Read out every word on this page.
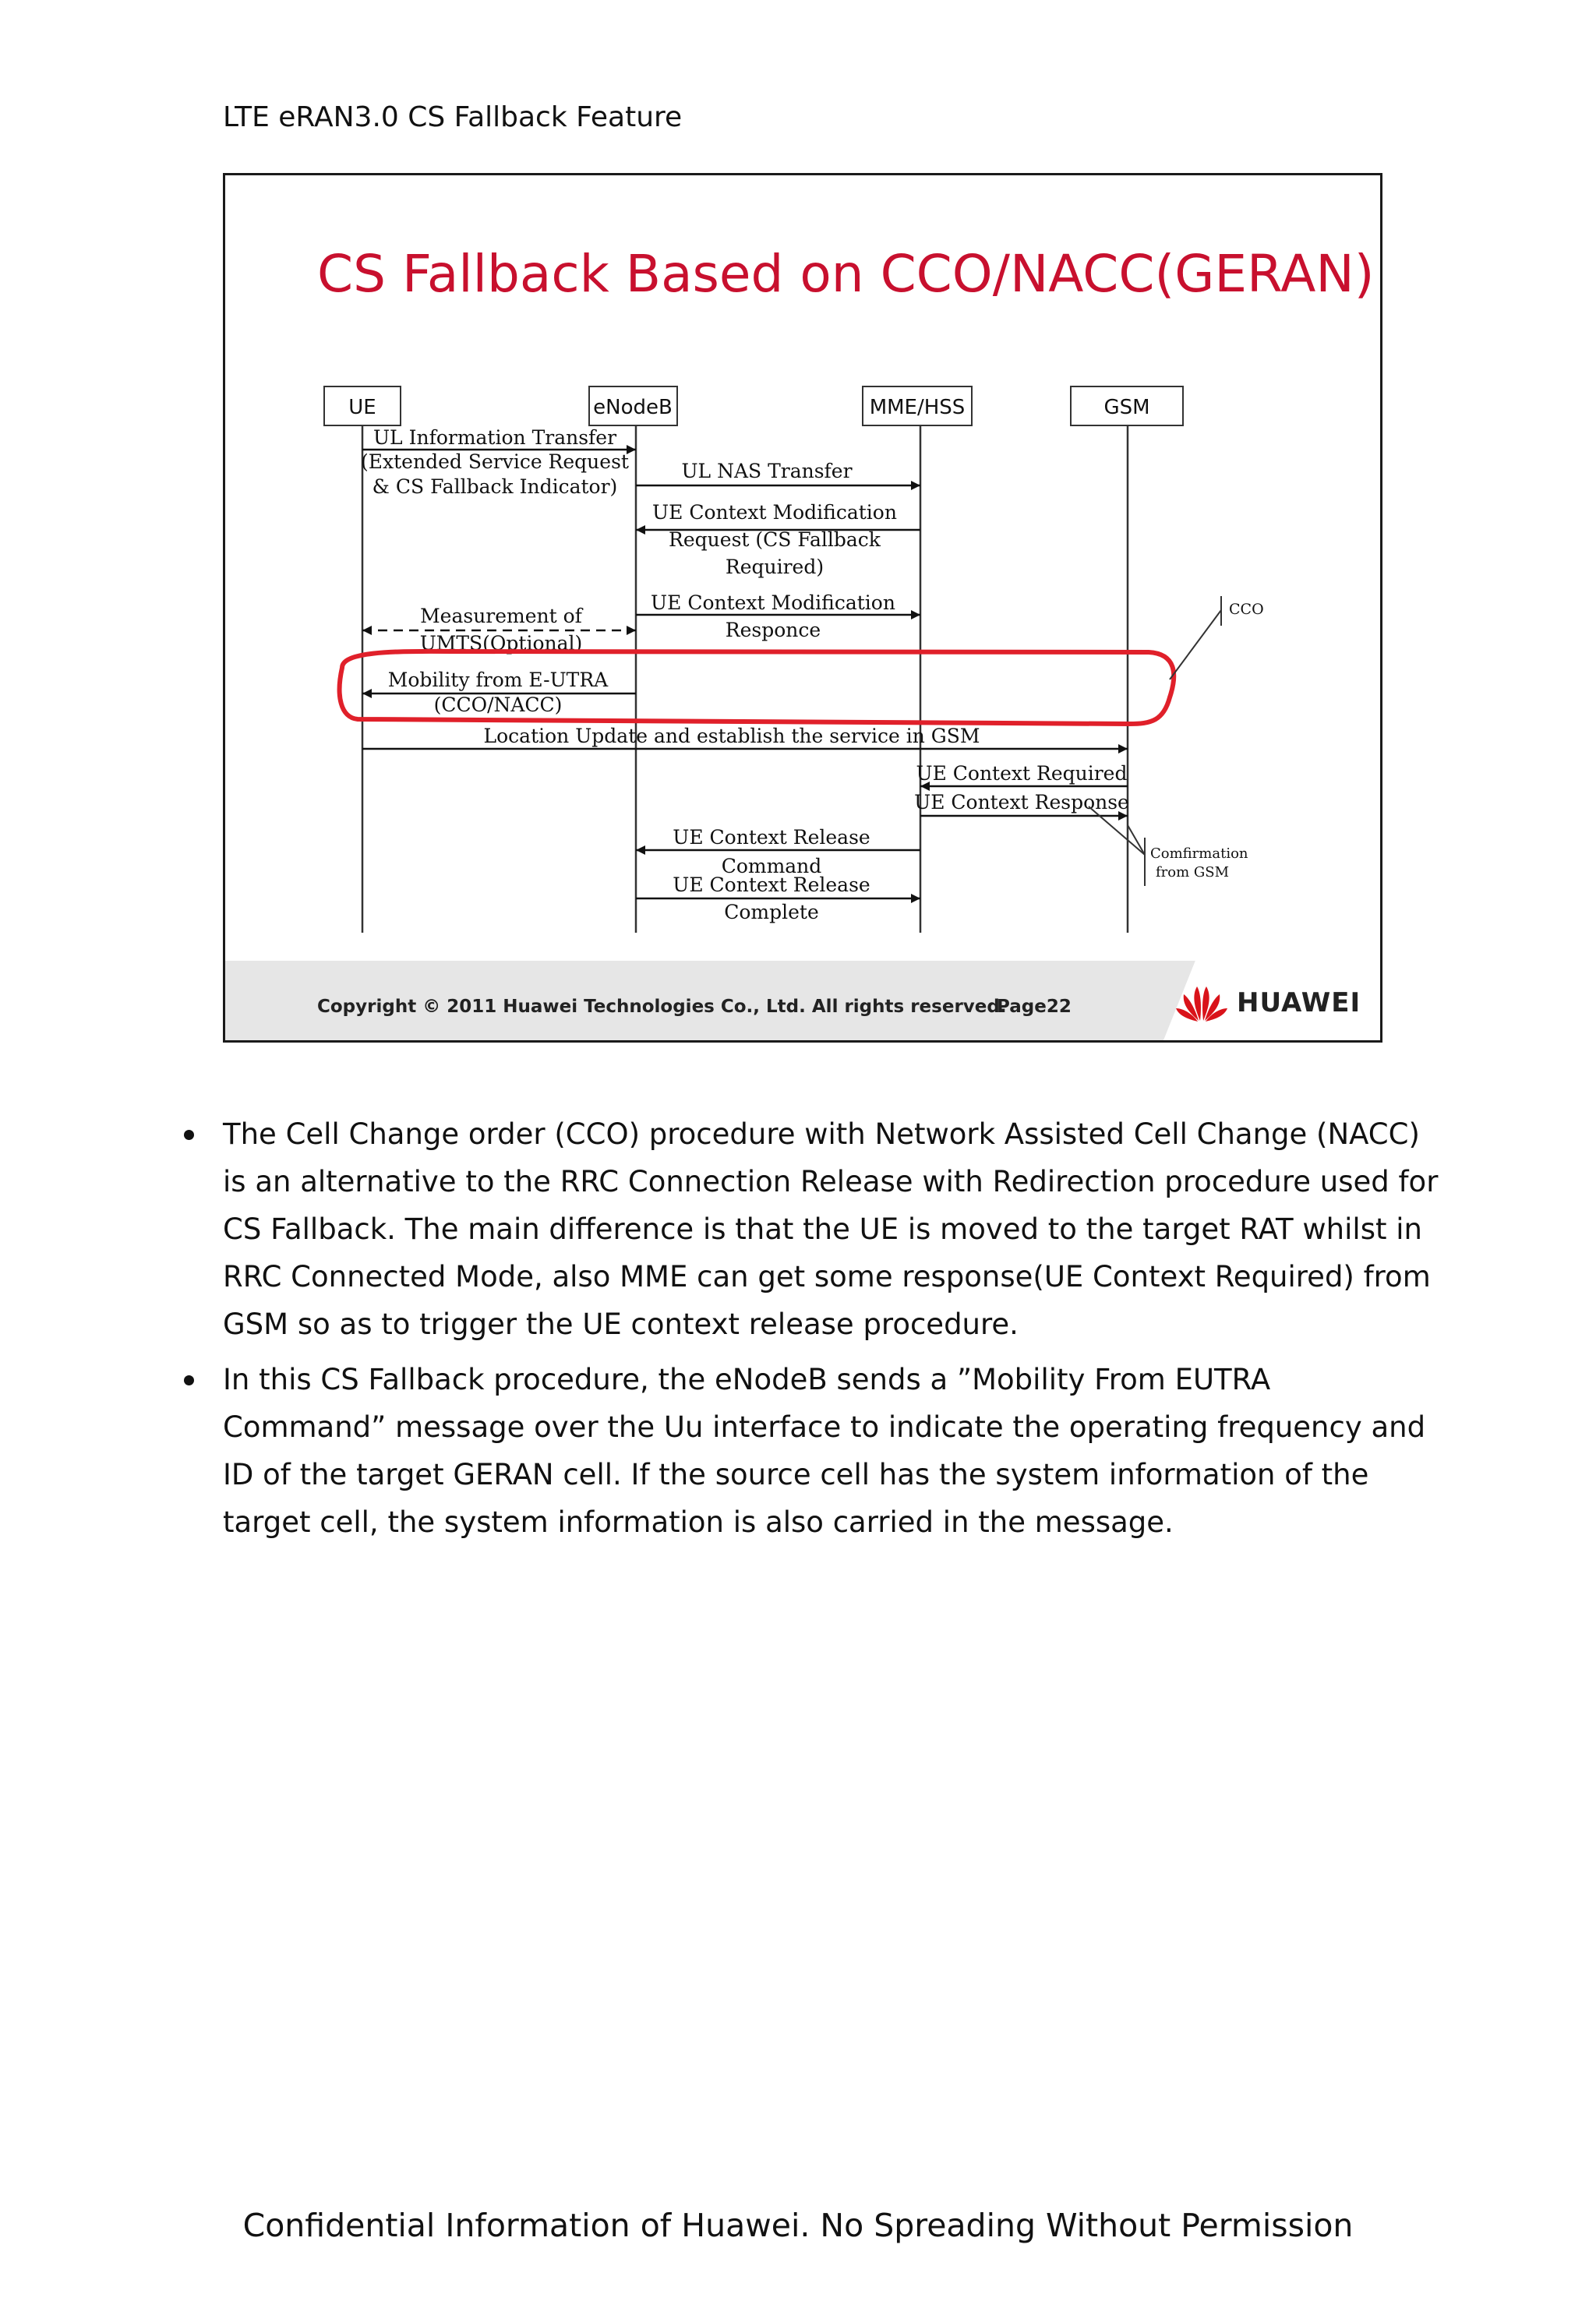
LTE eRAN3.0 CS Fallback Feature
CS Fallback Based on CCO/NACC(GERAN)
UE	eNodeB	MME/HSS	GSM
UL Information Transfer
(Extended Service Request
& CS Fallback Indicator)
UL NAS Transfer
UE Context Modification
Request (CS Fallback
Required)
UE Context Modification
Responce
Measurement of
UMTS(Optional)
Mobility from E-UTRA
(CCO/NACC)
Location Update and establish the service in GSM
UE Context Required
UE Context Response
UE Context Release
Command
UE Context Release
Complete
CCO
Comfirmation
from GSM
Copyright © 2011 Huawei Technologies Co., Ltd. All rights reserved.
Page22	HUAWEI
The Cell Change order (CCO) procedure with Network Assisted Cell Change (NACC) is an alternative to the RRC Connection Release with Redirection procedure used for CS Fallback. The main difference is that the UE is moved to the target RAT whilst in RRC Connected Mode, also MME can get some response(UE Context Required) from GSM so as to trigger the UE context release procedure.
In this CS Fallback procedure, the eNodeB sends a ”Mobility From EUTRA Command” message over the Uu interface to indicate the operating frequency and ID of the target GERAN cell. If the source cell has the system information of the target cell, the system information is also carried in the message.
Confidential Information of Huawei. No Spreading Without Permission
